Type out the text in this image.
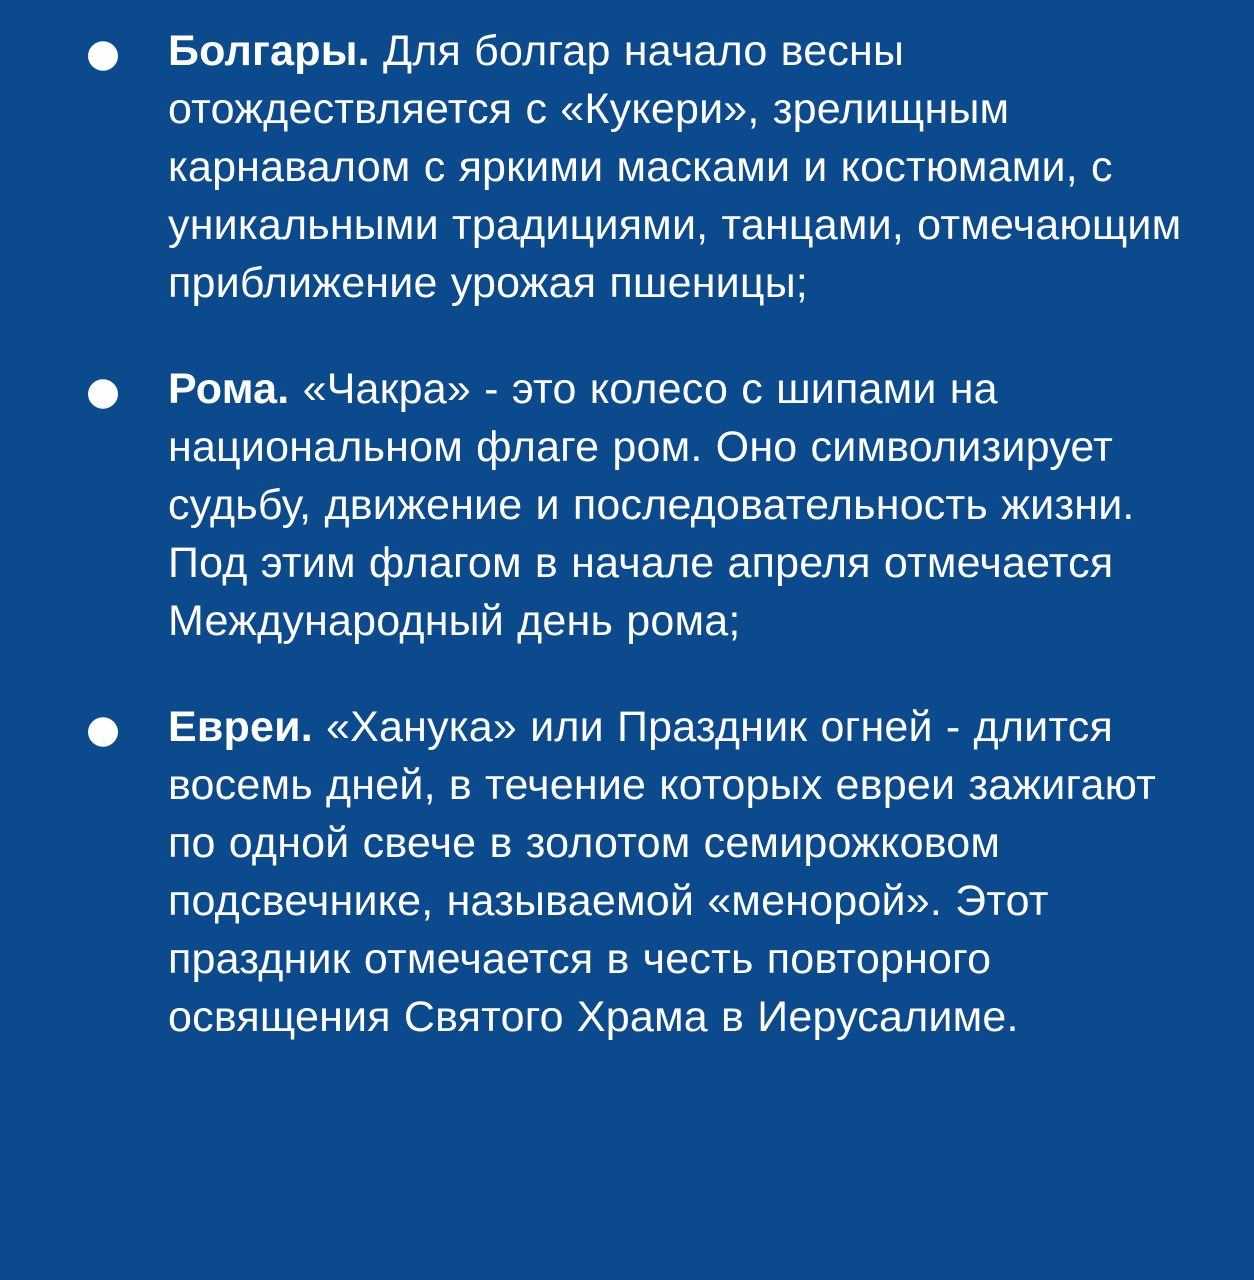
Болгары. Для болгар начало весны отождествляется с «Кукери», зрелищным карнавалом с яркими масками и костюмами, с уникальными традициями, танцами, отмечающим приближение урожая пшеницы;
Рома. «Чакра» - это колесо с шипами на национальном флаге ром. Оно символизирует судьбу, движение и последовательность жизни. Под этим флагом в начале апреля отмечается Международный день рома;
Евреи. «Ханука» или Праздник огней - длится восемь дней, в течение которых евреи зажигают по одной свече в золотом семирожковом подсвечнике, называемой «менорой». Этот праздник отмечается в честь повторного освящения Святого Храма в Иерусалиме.
